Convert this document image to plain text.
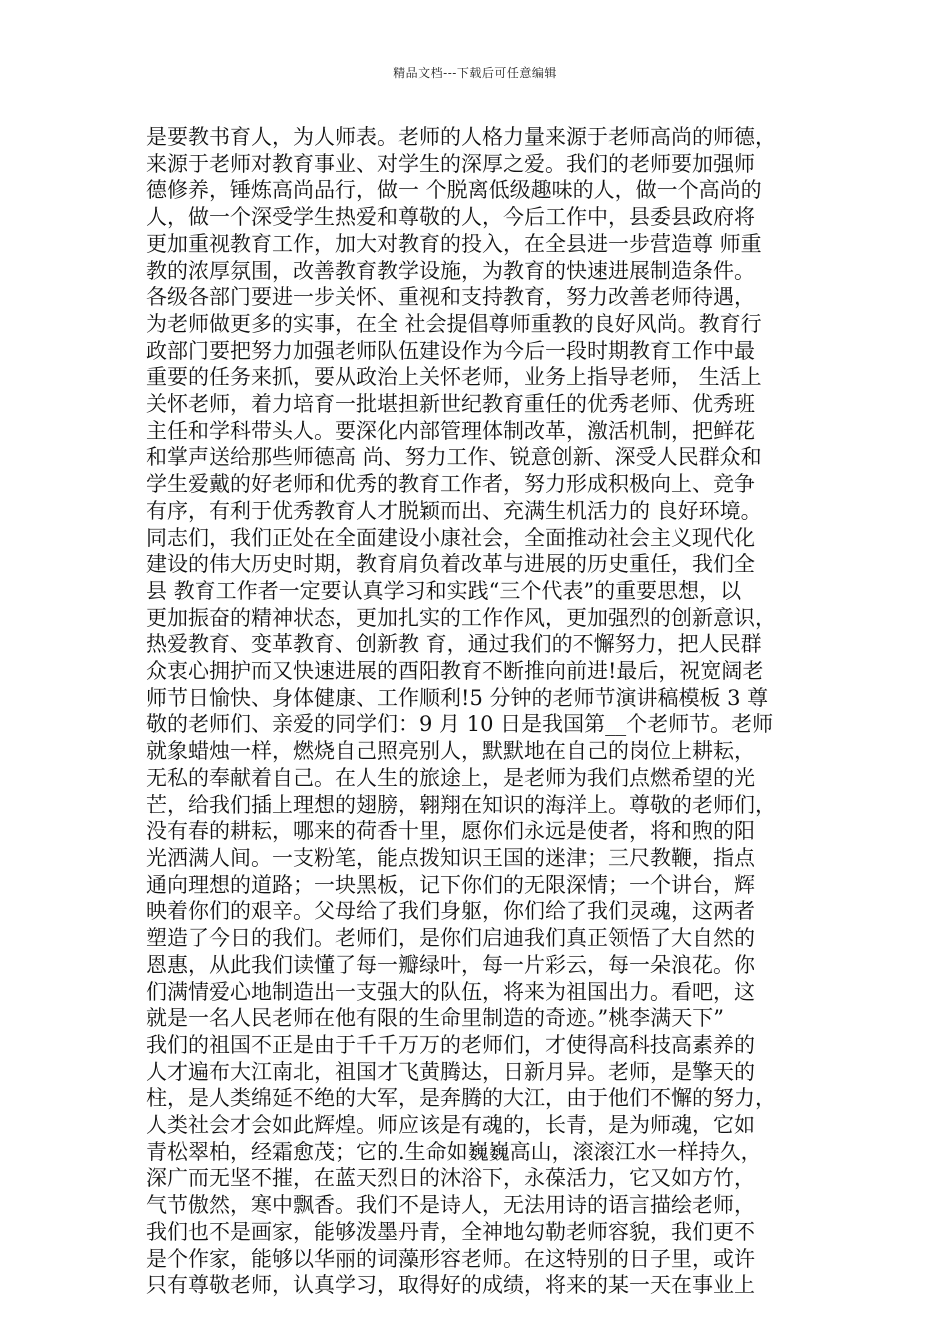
精品文档---下载后可任意编辑
是要教书育人，为人师表。老师的人格力量来源于老师高尚的师德，
来源于老师对教育事业、对学生的深厚之爱。我们的老师要加强师
德修养，锤炼高尚品行，做一 个脱离低级趣味的人，做一个高尚的
人，做一个深受学生热爱和尊敬的人，今后工作中，县委县政府将
更加重视教育工作，加大对教育的投入，在全县进一步营造尊 师重
教的浓厚氛围，改善教育教学设施，为教育的快速进展制造条件。
各级各部门要进一步关怀、重视和支持教育，努力改善老师待遇，
为老师做更多的实事，在全 社会提倡尊师重教的良好风尚。教育行
政部门要把努力加强老师队伍建设作为今后一段时期教育工作中最
重要的任务来抓，要从政治上关怀老师，业务上指导老师， 生活上
关怀老师，着力培育一批堪担新世纪教育重任的优秀老师、优秀班
主任和学科带头人。要深化内部管理体制改革，激活机制，把鲜花
和掌声送给那些师德高 尚、努力工作、锐意创新、深受人民群众和
学生爱戴的好老师和优秀的教育工作者，努力形成积极向上、竞争
有序，有利于优秀教育人才脱颖而出、充满生机活力的 良好环境。
同志们，我们正处在全面建设小康社会，全面推动社会主义现代化
建设的伟大历史时期，教育肩负着改革与进展的历史重任，我们全
县 教育工作者一定要认真学习和实践“三个代表”的重要思想，以
更加振奋的精神状态，更加扎实的工作作风，更加强烈的创新意识，
热爱教育、变革教育、创新教 育，通过我们的不懈努力，把人民群
众衷心拥护而又快速进展的酉阳教育不断推向前进!最后，祝宽阔老
师节日愉快、身体健康、工作顺利!5 分钟的老师节演讲稿模板 3 尊
敬的老师们、亲爱的同学们：9 月 10 日是我国第__个老师节。老师
就象蜡烛一样，燃烧自己照亮别人，默默地在自己的岗位上耕耘，
无私的奉献着自己。在人生的旅途上，是老师为我们点燃希望的光
芒，给我们插上理想的翅膀，翱翔在知识的海洋上。尊敬的老师们，
没有春的耕耘，哪来的荷香十里，愿你们永远是使者，将和煦的阳
光洒满人间。一支粉笔，能点拨知识王国的迷津；三尺教鞭，指点
通向理想的道路；一块黑板，记下你们的无限深情；一个讲台，辉
映着你们的艰辛。父母给了我们身躯，你们给了我们灵魂，这两者
塑造了今日的我们。老师们，是你们启迪我们真正领悟了大自然的
恩惠，从此我们读懂了每一瓣绿叶，每一片彩云，每一朵浪花。你
们满情爱心地制造出一支强大的队伍，将来为祖国出力。看吧，这
就是一名人民老师在他有限的生命里制造的奇迹。”桃李满天下”
我们的祖国不正是由于千千万万的老师们，才使得高科技高素养的
人才遍布大江南北，祖国才飞黄腾达，日新月异。老师，是擎天的
柱，是人类绵延不绝的大军，是奔腾的大江，由于他们不懈的努力，
人类社会才会如此辉煌。师应该是有魂的，长青，是为师魂，它如
青松翠柏，经霜愈茂；它的.生命如巍巍高山，滚滚江水一样持久，
深广而无坚不摧，在蓝天烈日的沐浴下，永葆活力，它又如方竹，
气节傲然，寒中飘香。我们不是诗人，无法用诗的语言描绘老师，
我们也不是画家，能够泼墨丹青，全神地勾勒老师容貌，我们更不
是个作家，能够以华丽的词藻形容老师。在这特别的日子里，或许
只有尊敬老师，认真学习，取得好的成绩，将来的某一天在事业上
